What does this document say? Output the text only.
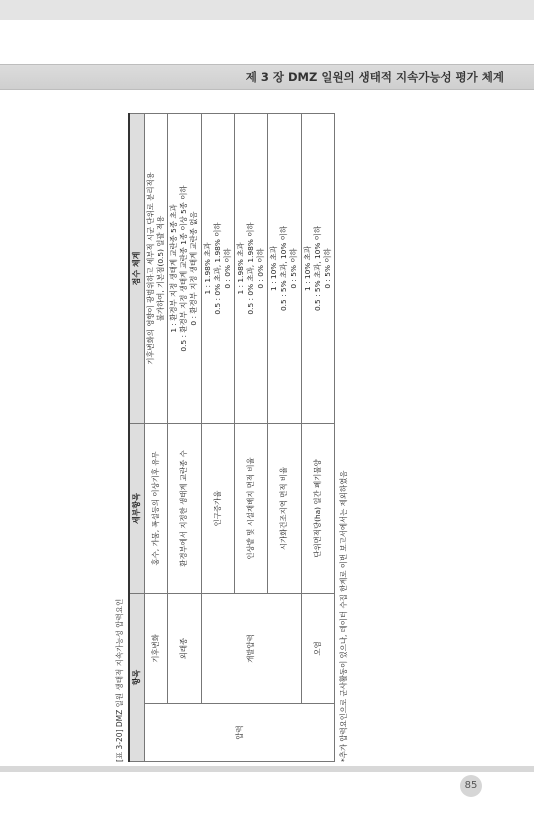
제 3 장 DMZ 일원의 생태적 지속가능성 평가 체계
[표 3-20] DMZ 일원 생태적 지속가능성 압력요인 항목		세부항목	점수 체계
압력	기후변화	홍수, 가뭄, 폭설등의 이상기후 유무	기후변화의 영향이 광범위하고 세부적 시군 단위로 분리적용 불가하여, 기본점(0.5) 일괄 적용

	외래종	환경부에서 지정한 생태계 교란종 수	1 : 환경부 지정 생태계 교란종 5종 초과 0.5 : 환경부 지정 생태계 교란종 1종 이상 5종 이하 0 : 환경부 지정 생태계 교란종 없음

	개발압력	인구증가율	1 : 1.98% 초과 0.5 : 0% 초과, 1.98% 이하 0 : 0% 이하

		인상밭 및 시설재배지 면적 비율	1 : 1.98% 초과 0.5 : 0% 초과, 1.98% 이하 0 : 0% 이하

		시가화건조지역 면적 비율	1 : 10% 초과 0.5 : 5% 초과, 10% 이하 0 : 5% 이하

	오염	단위면적당(ha) 일간 폐기물양	1 : 10% 초과 0.5 : 5% 초과, 10% 이하 0 : 5% 이하
*추가 압력요인으로 군사활동이 있으나, 데이터 수집 한계로 이번 보고서에서는 제외하였음
85
